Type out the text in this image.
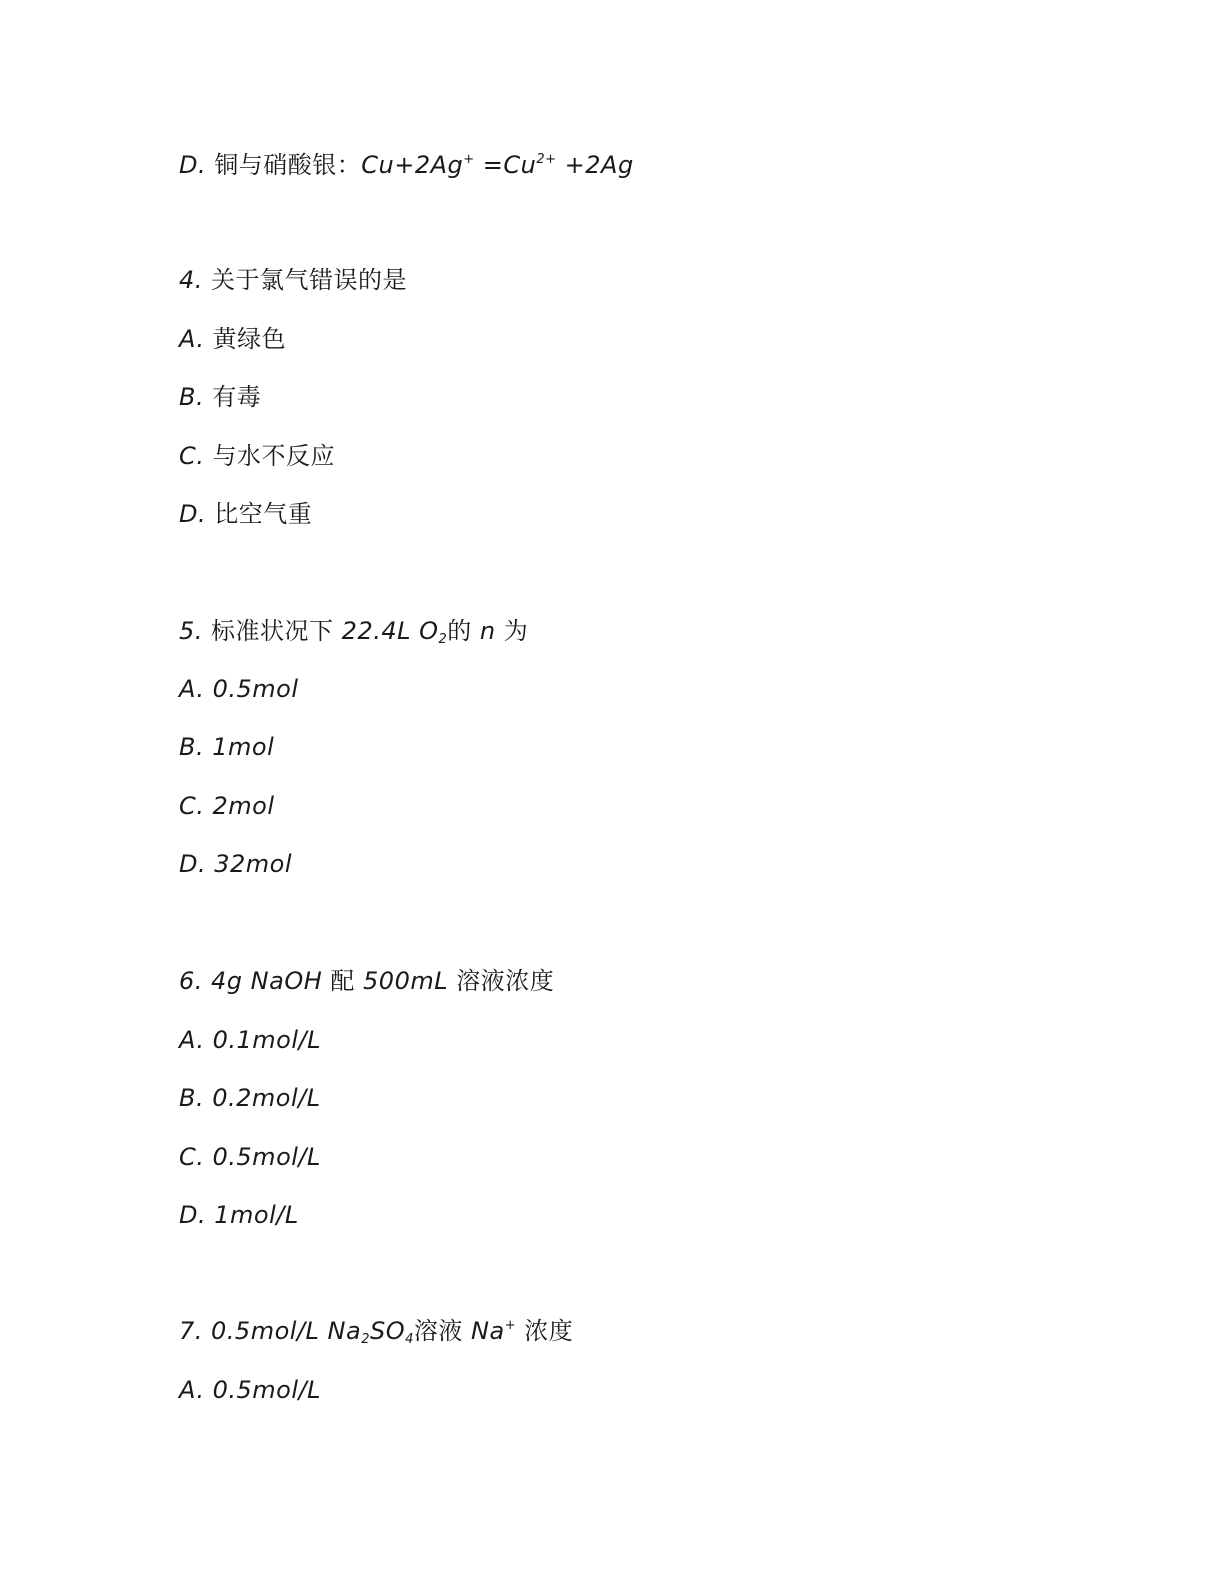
D. 铜与硝酸银：$Cu+2Ag^+ =Cu^{2+} +2Ag$
4. 关于氯气错误的是
A. 黄绿色
B. 有毒
C. 与水不反应
D. 比空气重
5. 标准状况下 22.4L $O_2$的 n 为
A. 0.5mol
B. 1mol
C. 2mol
D. 32mol
6. 4g NaOH 配 500mL 溶液浓度
A. 0.1mol/L
B. 0.2mol/L
C. 0.5mol/L
D. 1mol/L
7. 0.5mol/L $Na_2SO_4$溶液 Na+ 浓度
A. 0.5mol/L
